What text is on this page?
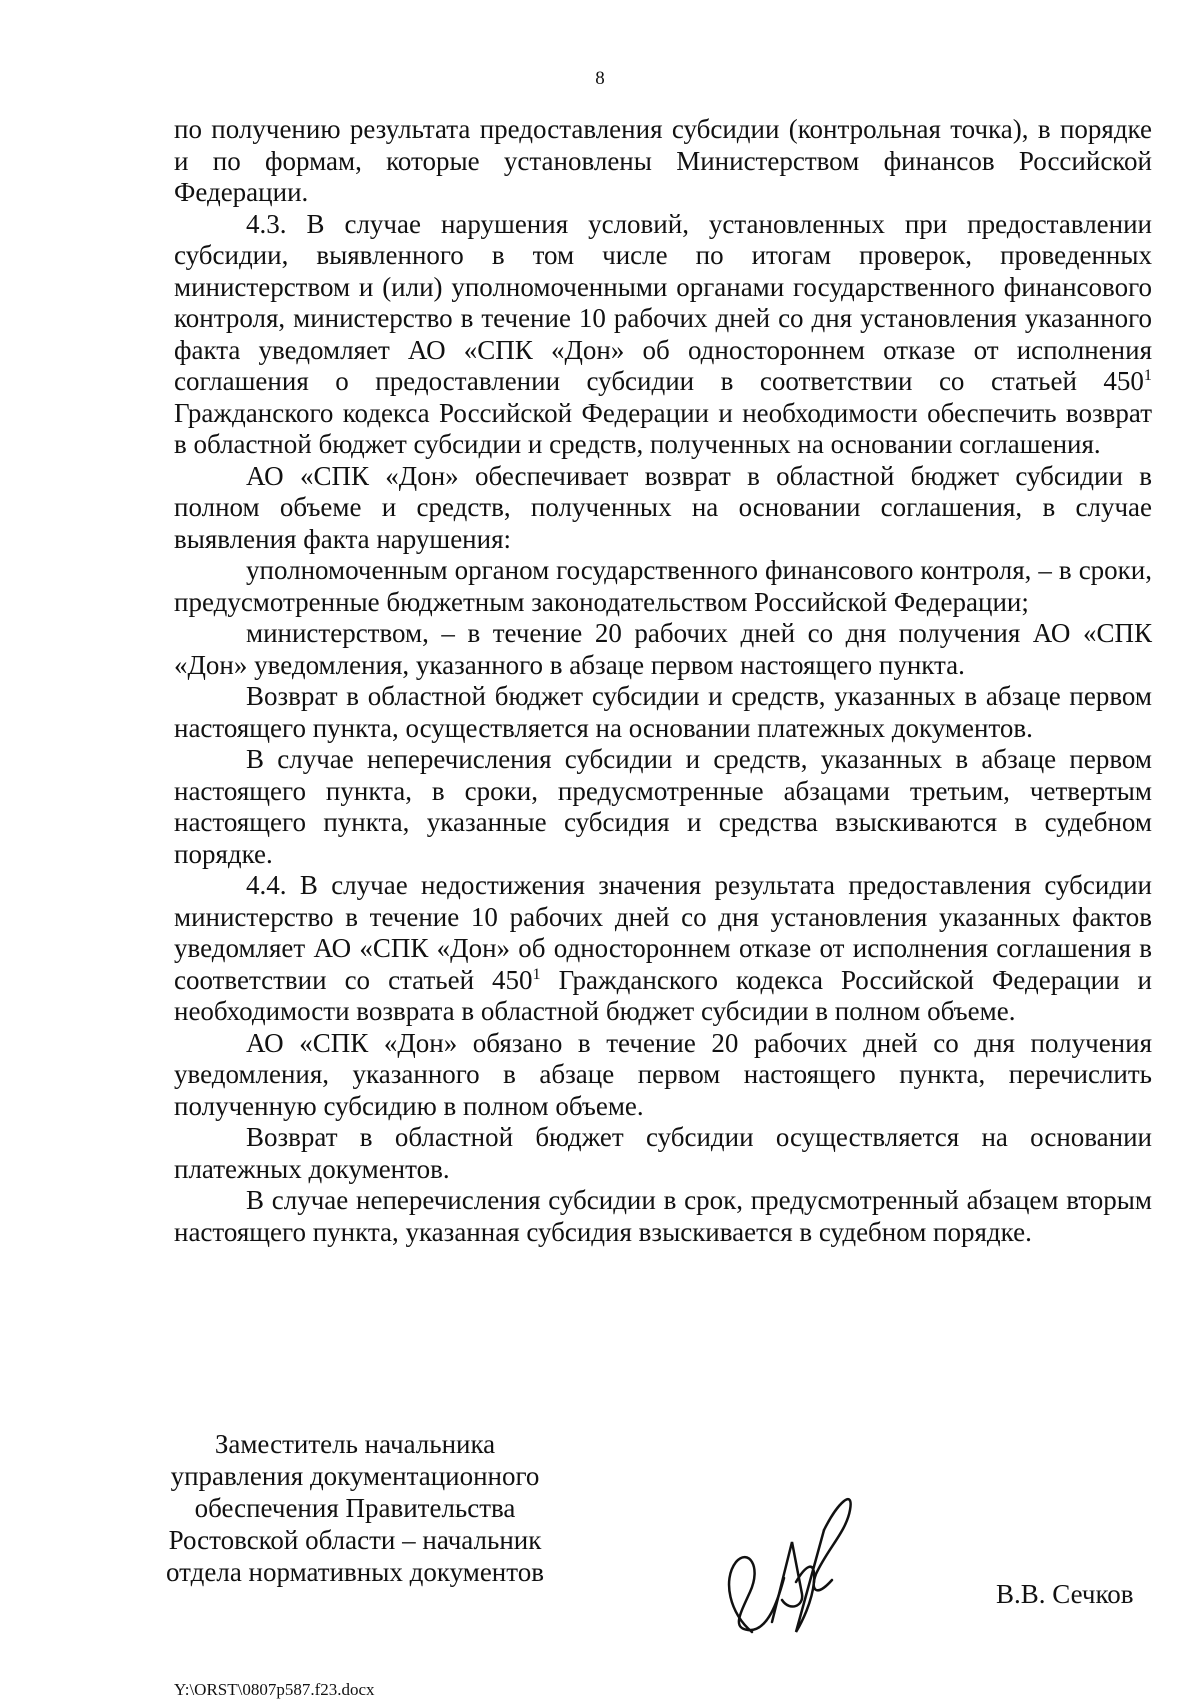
8

по получению результата предоставления субсидии (контрольная точка), в порядке и по формам, которые установлены Министерством финансов Российской Федерации.

4.3. В случае нарушения условий, установленных при предоставлении субсидии, выявленного в том числе по итогам проверок, проведенных министерством и (или) уполномоченными органами государственного финансового контроля, министерство в течение 10 рабочих дней со дня установления указанного факта уведомляет АО «СПК «Дон» об одностороннем отказе от исполнения соглашения о предоставлении субсидии в соответствии со статьей $450^1$ Гражданского кодекса Российской Федерации и необходимости обеспечить возврат в областной бюджет субсидии и средств, полученных на основании соглашения.

АО «СПК «Дон» обеспечивает возврат в областной бюджет субсидии в полном объеме и средств, полученных на основании соглашения, в случае выявления факта нарушения:

уполномоченным органом государственного финансового контроля, – в сроки, предусмотренные бюджетным законодательством Российской Федерации;

министерством, – в течение 20 рабочих дней со дня получения АО «СПК «Дон» уведомления, указанного в абзаце первом настоящего пункта.

Возврат в областной бюджет субсидии и средств, указанных в абзаце первом настоящего пункта, осуществляется на основании платежных документов.

В случае неперечисления субсидии и средств, указанных в абзаце первом настоящего пункта, в сроки, предусмотренные абзацами третьим, четвертым настоящего пункта, указанные субсидия и средства взыскиваются в судебном порядке.

4.4. В случае недостижения значения результата предоставления субсидии министерство в течение 10 рабочих дней со дня установления указанных фактов уведомляет АО «СПК «Дон» об одностороннем отказе от исполнения соглашения в соответствии со статьей $450^1$ Гражданского кодекса Российской Федерации и необходимости возврата в областной бюджет субсидии в полном объеме.

АО «СПК «Дон» обязано в течение 20 рабочих дней со дня получения уведомления, указанного в абзаце первом настоящего пункта, перечислить полученную субсидию в полном объеме.

Возврат в областной бюджет субсидии осуществляется на основании платежных документов.

В случае неперечисления субсидии в срок, предусмотренный абзацем вторым настоящего пункта, указанная субсидия взыскивается в судебном порядке.

Заместитель начальника
управления документационного
обеспечения Правительства
Ростовской области – начальник
отдела нормативных документов
В.В. Сечков
Y:\ORST\0807p587.f23.docx
